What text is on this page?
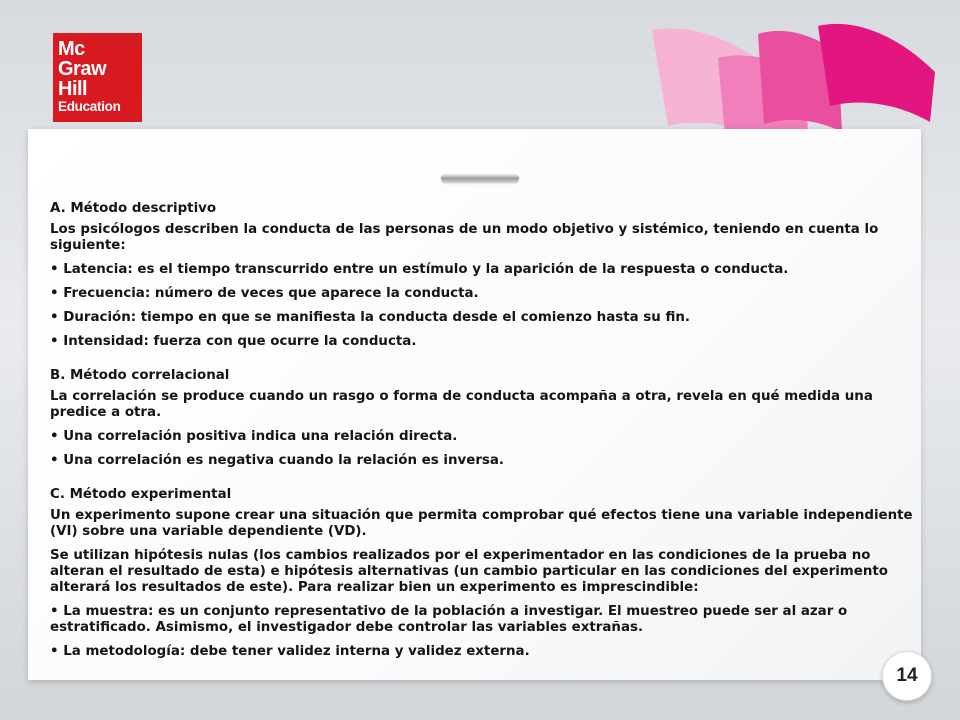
Mc
Graw
Hill
Education

A. Método descriptivo

Los psicólogos describen la conducta de las personas de un modo objetivo y sistémico, teniendo en cuenta lo siguiente:

• Latencia: es el tiempo transcurrido entre un estímulo y la aparición de la respuesta o conducta.

• Frecuencia: número de veces que aparece la conducta.

• Duración: tiempo en que se manifiesta la conducta desde el comienzo hasta su fin.

• Intensidad: fuerza con que ocurre la conducta.

B. Método correlacional

La correlación se produce cuando un rasgo o forma de conducta acompaña a otra, revela en qué medida una predice a otra.

• Una correlación positiva indica una relación directa.

• Una correlación es negativa cuando la relación es inversa.

C. Método experimental

Un experimento supone crear una situación que permita comprobar qué efectos tiene una variable independiente (VI) sobre una variable dependiente (VD).

Se utilizan hipótesis nulas (los cambios realizados por el experimentador en las condiciones de la prueba no alteran el resultado de esta) e hipótesis alternativas (un cambio particular en las condiciones del experimento alterará los resultados de este). Para realizar bien un experimento es imprescindible:

• La muestra: es un conjunto representativo de la población a investigar. El muestreo puede ser al azar o estratificado. Asimismo, el investigador debe controlar las variables extrañas.

• La metodología: debe tener validez interna y validez externa.

14
